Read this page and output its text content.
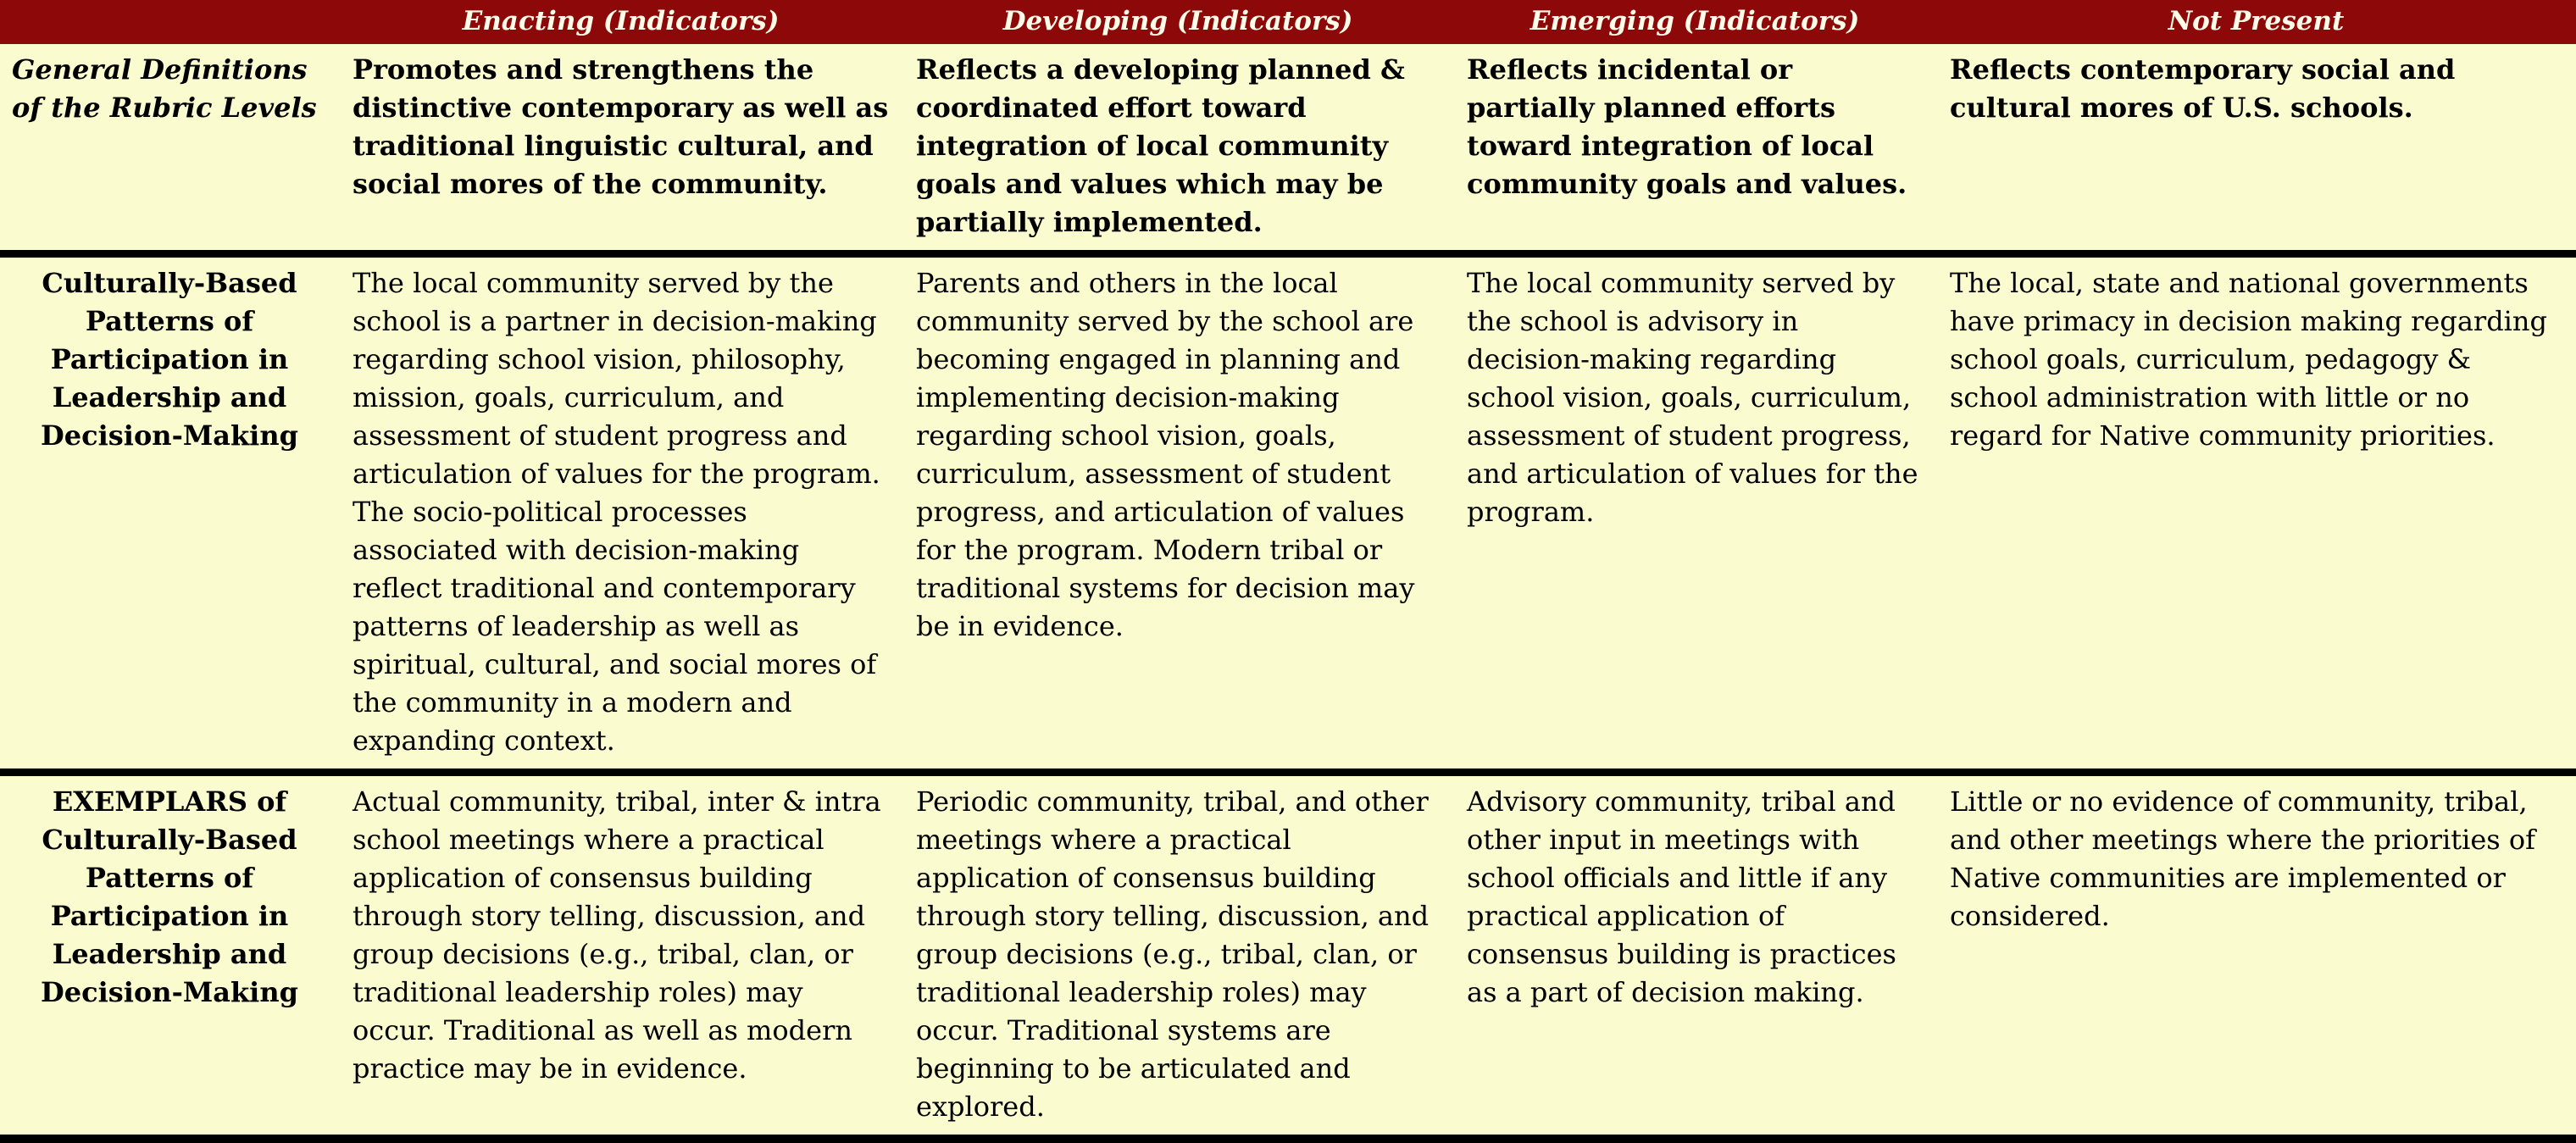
	Enacting (Indicators)	Developing (Indicators)	Emerging (Indicators)	Not Present
General Definitions of the Rubric Levels	Promotes and strengthens the distinctive contemporary as well as traditional linguistic cultural, and social mores of the community.	Reflects a developing planned & coordinated effort toward integration of local community goals and values which may be partially implemented.	Reflects incidental or partially planned efforts toward integration of local community goals and values.	Reflects contemporary social and cultural mores of U.S. schools.
Culturally-Based Patterns of Participation in Leadership and Decision-Making	The local community served by the school is a partner in decision-making regarding school vision, philosophy, mission, goals, curriculum, and assessment of student progress and articulation of values for the program. The socio-political processes associated with decision-making reflect traditional and contemporary patterns of leadership as well as spiritual, cultural, and social mores of the community in a modern and expanding context.	Parents and others in the local community served by the school are becoming engaged in planning and implementing decision-making regarding school vision, goals, curriculum, assessment of student progress, and articulation of values for the program. Modern tribal or traditional systems for decision may be in evidence.	The local community served by the school is advisory in decision-making regarding school vision, goals, curriculum, assessment of student progress, and articulation of values for the program.	The local, state and national governments have primacy in decision making regarding school goals, curriculum, pedagogy & school administration with little or no regard for Native community priorities.
EXEMPLARS of Culturally-Based Patterns of Participation in Leadership and Decision-Making	Actual community, tribal, inter & intra school meetings where a practical application of consensus building through story telling, discussion, and group decisions (e.g., tribal, clan, or traditional leadership roles) may occur. Traditional as well as modern practice may be in evidence.	Periodic community, tribal, and other meetings where a practical application of consensus building through story telling, discussion, and group decisions (e.g., tribal, clan, or traditional leadership roles) may occur. Traditional systems are beginning to be articulated and explored.	Advisory community, tribal and other input in meetings with school officials and little if any practical application of consensus building is practices as a part of decision making.	Little or no evidence of community, tribal, and other meetings where the priorities of Native communities are implemented or considered.
